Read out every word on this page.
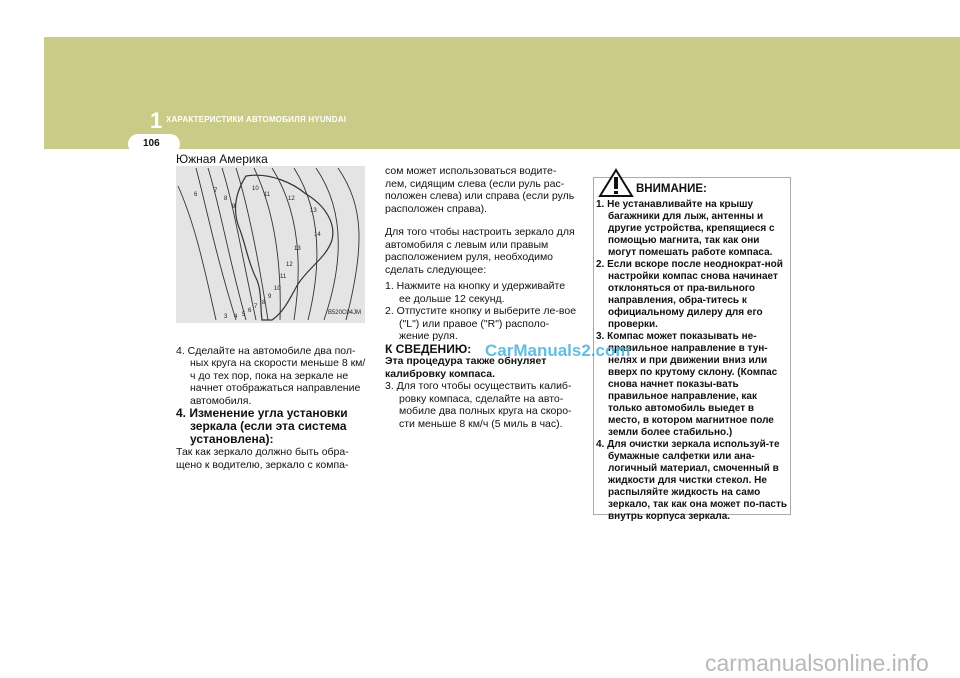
1 ХАРАКТЕРИСТИКИ АВТОМОБИЛЯ HYUNDAI
106

Южная Америка

6
7
8
9
10
11
12
13
14
13
12
11
10
9
8
7
6
5
4
3
B520C04JM

4. Сделайте на автомобиле два пол-ных круга на скорости меньше 8 км/ч до тех пор, пока на зеркале не начнет отображаться направление автомобиля.

4. Изменение угла установки зеркала (если эта система установлена):

Так как зеркало должно быть обра-щено к водителю, зеркало с компа-

сом может использоваться водите-лем, сидящим слева (если руль рас-положен слева) или справа (если руль расположен справа).

Для того чтобы настроить зеркало для автомобиля с левым или правым расположением руля, необходимо сделать следующее:

1. Нажмите на кнопку и удерживайте ее дольше 12 секунд.

2. Отпустите кнопку и выберите ле-вое ("L") или правое ("R") располо-жение руля.

К СВЕДЕНИЮ:

Эта процедура также обнуляет калибровку компаса.

3. Для того чтобы осуществить калиб-ровку компаса, сделайте на авто-мобиле два полных круга на скоро-сти меньше 8 км/ч (5 миль в час).

ВНИМАНИЕ:

1. Не устанавливайте на крышу багажники для лыж, антенны и другие устройства, крепящиеся с помощью магнита, так как они могут помешать работе компаса.

2. Если вскоре после неоднократ-ной настройки компас снова начинает отклоняться от пра-вильного направления, обра-титесь к официальному дилеру для его проверки.

3. Компас может показывать не-правильное направление в тун-нелях и при движении вниз или вверх по крутому склону. (Компас снова начнет показы-вать правильное направление, как только автомобиль выедет в место, в котором магнитное поле земли более стабильно.)

4. Для очистки зеркала используй-те бумажные салфетки или ана-логичный материал, смоченный в жидкости для чистки стекол. Не распыляйте жидкость на само зеркало, так как она может по-пасть внутрь корпуса зеркала.

CarManuals2.com
carmanualsonline.info
